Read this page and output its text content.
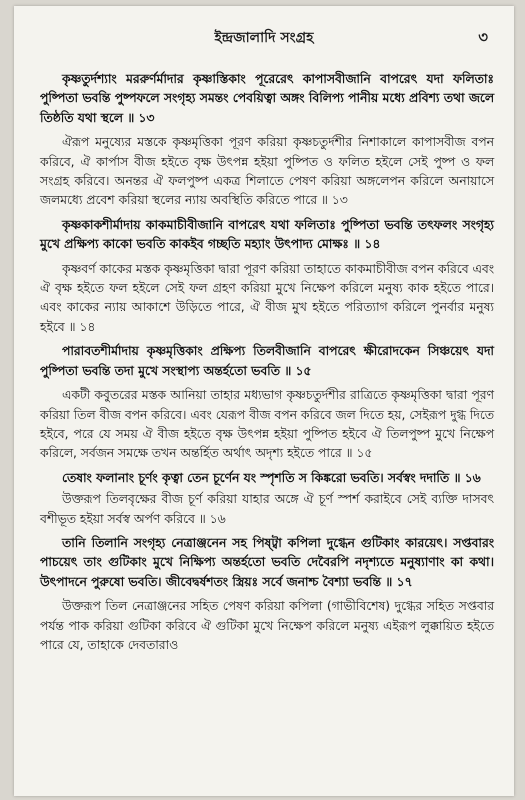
ইন্দ্রজালাদি সংগ্রহ	৩

কৃষ্ণতুর্দশ্যাং মররুর্ণর্মাদার কৃষ্ণাস্তিকাং পূরেরেৎ কাপাসবীজানি বাপরেৎ যদা ফলিতাঃ পুষ্পিতা ভবন্তি পুষ্পফলে সংগৃহ্য সমন্তং পেবয়িত্বা অঙ্গং বিলিপ্য পানীয় মধ্যে প্রবিশ্য তথা জলে তিষ্ঠতি যথা স্থলে ॥ ১৩

ঐরূপ মনুষ্যের মস্তকে কৃষ্ণমৃত্তিকা পূরণ করিয়া কৃষ্ণচতুর্দশীর নিশাকালে কাপাসবীজ বপন করিবে, ঐ কার্পাস বীজ হইতে বৃক্ষ উৎপন্ন হইয়া পুষ্পিত ও ফলিত হইলে সেই পুষ্প ও ফল সংগ্রহ করিবে। অনন্তর ঐ ফলপুষ্প একত্র শিলাতে পেষণ করিয়া অঙ্গলেপন করিলে অনায়াসে জলমধ্যে প্রবেশ করিয়া স্থলের ন্যায় অবস্থিতি করিতে পারে ॥ ১৩

কৃষ্ণকাকশীর্মাদায় কাকমাচীবীজানি বাপরেৎ যথা ফলিতাঃ পুষ্পিতা ভবন্তি তৎফলং সংগৃহ্য মুখে প্রক্ষিপ্য কাকো ভবতি কাকইব গচ্ছতি মহ্যাং উৎপাদ্য মোক্ষঃ ॥ ১৪

কৃষ্ণবর্ণ কাকের মস্তক কৃষ্ণমৃত্তিকা দ্বারা পূরণ করিয়া তাহাতে কাকমাচীবীজ বপন করিবে এবং ঐ বৃক্ষ হইতে ফল হইলে সেই ফল গ্রহণ করিয়া মুখে নিক্ষেপ করিলে মনুষ্য কাক হইতে পারে। এবং কাকের ন্যায় আকাশে উড়িতে পারে, ঐ বীজ মুখ হইতে পরিত্যাগ করিলে পুনর্বার মনুষ্য হইবে ॥ ১৪

পারাবতশীর্মাদায় কৃষ্ণমৃত্তিকাং প্রক্ষিপ্য তিলবীজানি বাপরেৎ ক্ষীরোদকেন সিঞ্চয়েৎ যদা পুষ্পিতা ভবন্তি তদা মুখে সংস্থাপ্য অন্তর্হতো ভবতি ॥ ১৫

একটী কবুতরের মস্তক আনিয়া তাহার মধ্যভাগ কৃষ্ণচতুর্দশীর রাত্রিতে কৃষ্ণমৃত্তিকা দ্বারা পূরণ করিয়া তিল বীজ বপন করিবে। এবং যেরূপ বীজ বপন করিবে জল দিতে হয়, সেইরূপ দুগ্ধ দিতে হইবে, পরে যে সময় ঐ বীজ হইতে বৃক্ষ উৎপন্ন হইয়া পুষ্পিত হইবে ঐ তিলপুষ্প মুখে নিক্ষেপ করিলে, সর্বজন সমক্ষে তখন অন্তর্হিত অর্থাৎ অদৃশ্য হইতে পারে ॥ ১৫

তেষাং ফলানাং চূর্ণং কৃত্বা তেন চূর্ণেন যং স্পৃশতি স কিঙ্করো ভবতি। সর্বস্বং দদাতি ॥ ১৬

উক্তরূপ তিলবৃক্ষের বীজ চূর্ণ করিয়া যাহার অঙ্গে ঐ চূর্ণ স্পর্শ করাইবে সেই ব্যক্তি দাসবৎ বশীভূত হইয়া সর্বস্ব অর্পণ করিবে ॥ ১৬

তানি তিলানি সংগৃহ্য নেত্রাঞ্জনেন সহ পিষ্ট্বা কপিলা দুগ্ধেন গুটিকাং কারয়েৎ। সপ্তবারং পাচয়েৎ তাং গুটিকাং মুখে নিক্ষিপ্য অন্তর্হতো ভবতি দেবৈরপি নদৃশ্যতে মনুষ্যাণাং কা কথা। উৎপাদনে পুরুষো ভবতি। জীবেদ্বর্ষশতং স্ত্রিয়ঃ সর্বে জনাশ্চ বৈশ্যা ভবন্তি ॥ ১৭

উক্তরূপ তিল নেত্রাঞ্জনের সহিত পেষণ করিয়া কপিলা (গাভীবিশেষ) দুগ্ধের সহিত সপ্তবার পর্যন্ত পাক করিয়া গুটিকা করিবে ঐ গুটিকা মুখে নিক্ষেপ করিলে মনুষ্য এইরূপ লুক্কায়িত হইতে পারে যে, তাহাকে দেবতারাও
